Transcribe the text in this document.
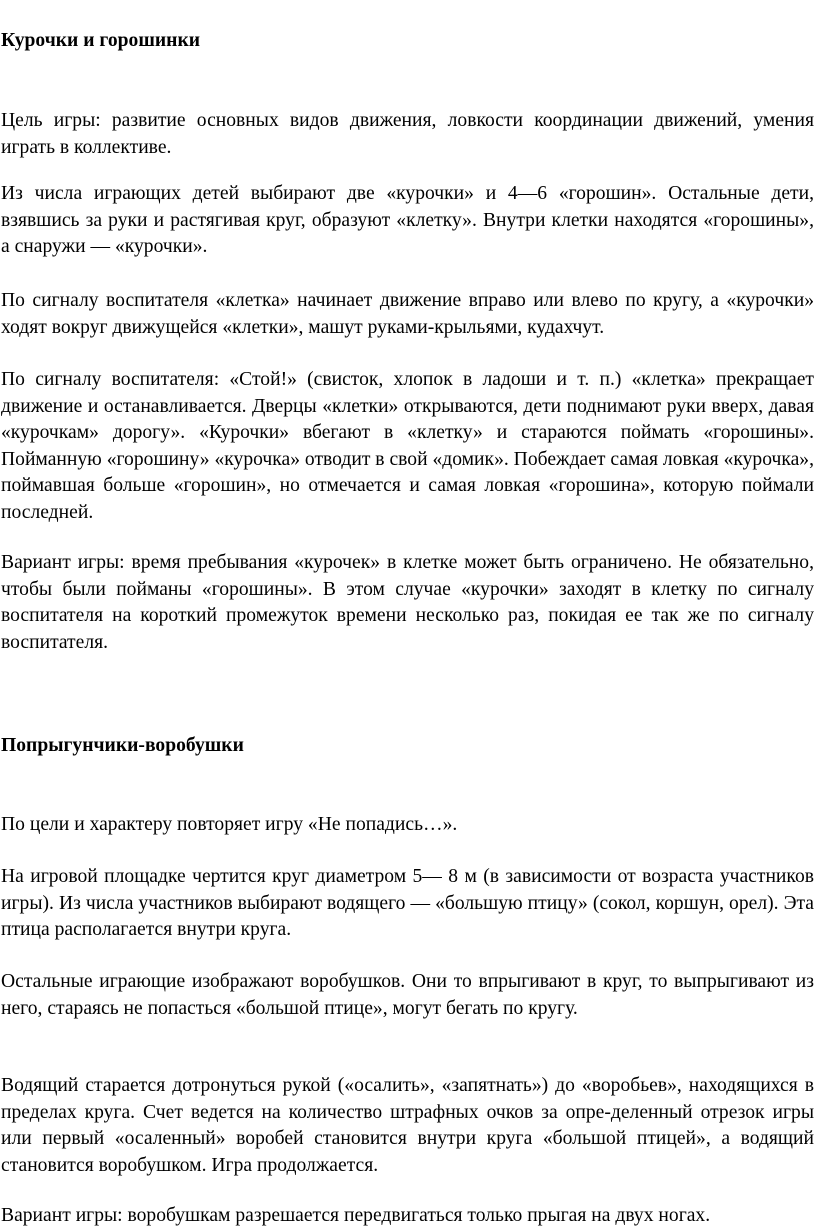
Курочки и горошинки

Цель игры: развитие основных видов движения, ловкости координации движений, умения играть в коллективе.

Из числа играющих детей выбирают две «курочки» и 4—6 «горошин». Остальные дети, взявшись за руки и растягивая круг, образуют «клетку». Внутри клетки находятся «горошины», а снаружи — «курочки».

По сигналу воспитателя «клетка» начинает движение вправо или влево по кругу, а «курочки» ходят вокруг движущейся «клетки», машут руками-крыльями, кудахчут.

По сигналу воспитателя: «Стой!» (свисток, хлопок в ладоши и т. п.) «клетка» прекращает движение и останавливается. Дверцы «клетки» открываются, дети поднимают руки вверх, давая «курочкам» дорогу». «Курочки» вбегают в «клетку» и стараются поймать «горошины». Пойманную «горошину» «курочка» отводит в свой «домик». Побеждает самая ловкая «курочка», поймавшая больше «горошин», но отмечается и самая ловкая «горошина», которую поймали последней.

Вариант игры: время пребывания «курочек» в клетке может быть ограничено. Не обязательно, чтобы были пойманы «горошины». В этом случае «курочки» заходят в клетку по сигналу воспитателя на короткий промежуток времени несколько раз, покидая ее так же по сигналу воспитателя.

Попрыгунчики-воробушки

По цели и характеру повторяет игру «Не попадись…».

На игровой площадке чертится круг диаметром 5— 8 м (в зависимости от возраста участников игры). Из числа участников выбирают водящего — «большую птицу» (сокол, коршун, орел). Эта птица располагается внутри круга.

Остальные играющие изображают воробушков. Они то впрыгивают в круг, то выпрыгивают из него, стараясь не попасться «большой птице», могут бегать по кругу.

Водящий старается дотронуться рукой («осалить», «запятнать») до «воробьев», находящихся в пределах круга. Счет ведется на количество штрафных очков за опре-деленный отрезок игры или первый «осаленный» воробей становится внутри круга «большой птицей», а водящий становится воробушком. Игра продолжается.

Вариант игры: воробушкам разрешается передвигаться только прыгая на двух ногах.
